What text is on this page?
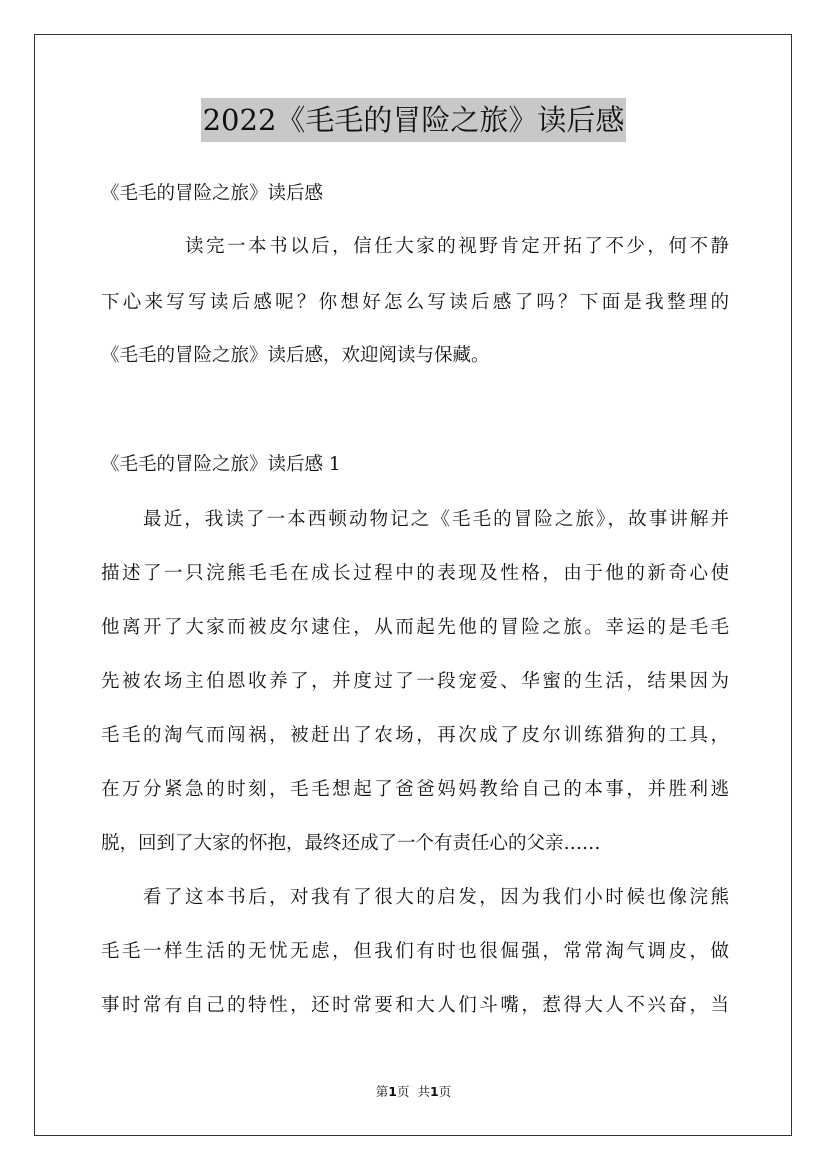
2022《毛毛的冒险之旅》读后感
《毛毛的冒险之旅》读后感
读完一本书以后，信任大家的视野肯定开拓了不少，何不静
下心来写写读后感呢？你想好怎么写读后感了吗？下面是我整理的
《毛毛的冒险之旅》读后感，欢迎阅读与保藏。
《毛毛的冒险之旅》读后感 1
最近，我读了一本西顿动物记之《毛毛的冒险之旅》，故事讲解并
描述了一只浣熊毛毛在成长过程中的表现及性格，由于他的新奇心使
他离开了大家而被皮尔逮住，从而起先他的冒险之旅。幸运的是毛毛
先被农场主伯恩收养了，并度过了一段宠爱、华蜜的生活，结果因为
毛毛的淘气而闯祸，被赶出了农场，再次成了皮尔训练猎狗的工具，
在万分紧急的时刻，毛毛想起了爸爸妈妈教给自己的本事，并胜利逃
脱，回到了大家的怀抱，最终还成了一个有责任心的父亲……
看了这本书后，对我有了很大的启发，因为我们小时候也像浣熊
毛毛一样生活的无忧无虑，但我们有时也很倔强，常常淘气调皮，做
事时常有自己的特性，还时常要和大人们斗嘴，惹得大人不兴奋，当
第1页 共1页
